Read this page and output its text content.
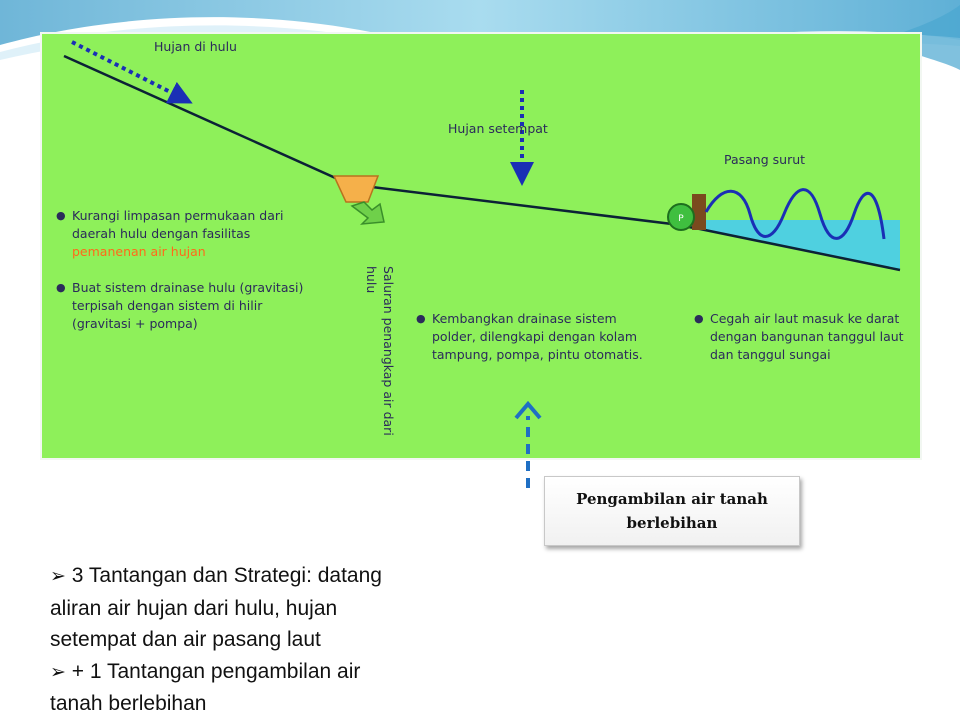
P
Hujan di hulu
Hujan setempat
Pasang surut
● Kurangi limpasan permukaan dari daerah hulu dengan fasilitas pemanenan air hujan
● Buat sistem drainase hulu (gravitasi) terpisah dengan sistem di hilir (gravitasi + pompa)	Saluran penangkap air dari hulu
● Kembangkan drainase sistem polder, dilengkapi dengan kolam tampung, pompa, pintu otomatis.
● Cegah air laut masuk ke darat dengan bangunan tanggul laut dan tanggul sungai
Pengambilan air tanah
berlebihan

➢ 3 Tantangan dan Strategi: datang

aliran air hujan dari hulu, hujan

setempat dan air pasang laut

➢ + 1 Tantangan pengambilan air

tanah berlebihan
